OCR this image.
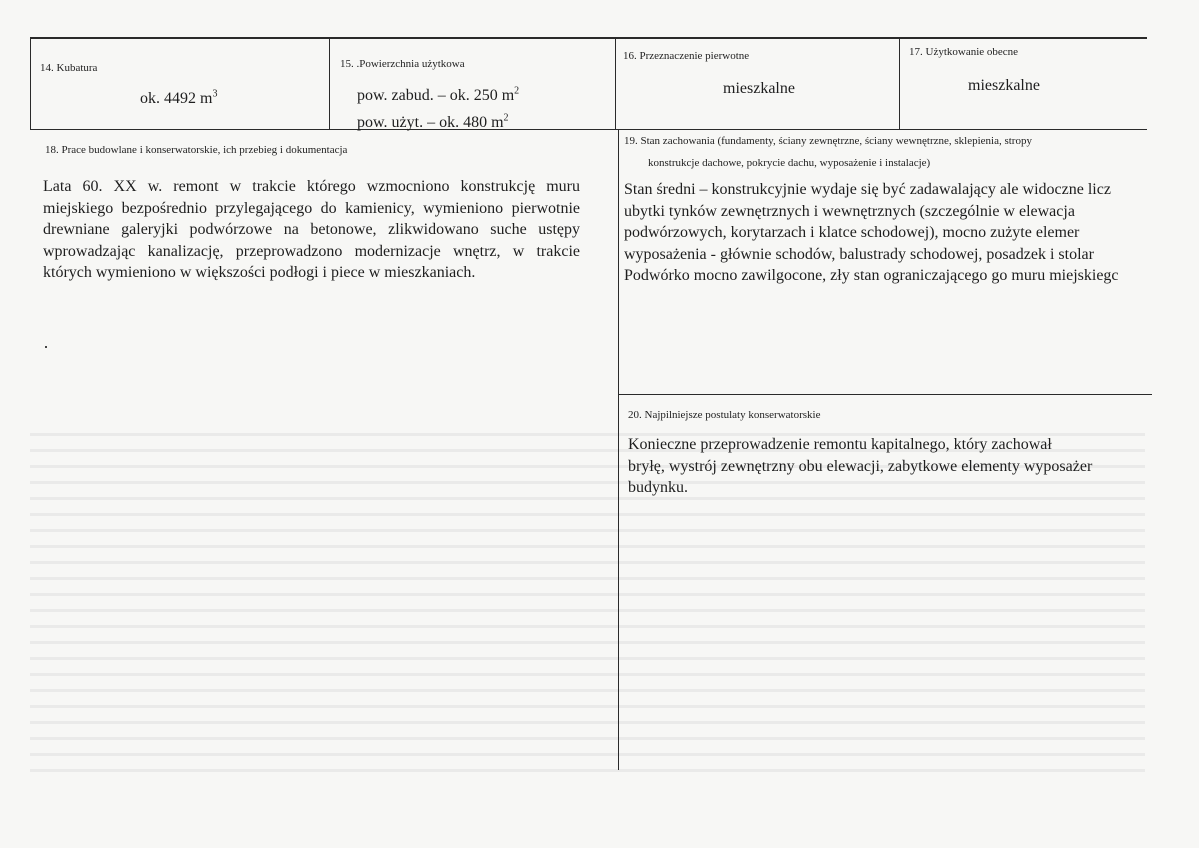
14. Kubatura
ok. 4492 $m^3$
15. .Powierzchnia użytkowa
pow. zabud. – ok. 250 $m^2$
pow. użyt. – ok. 480 $m^2$
16. Przeznaczenie pierwotne
mieszkalne
17. Użytkowanie obecne
mieszkalne
18. Prace budowlane i konserwatorskie, ich przebieg i dokumentacja
Lata 60. XX w. remont w trakcie którego wzmocniono konstrukcję muru miejskiego bezpośrednio przylegającego do kamienicy, wymieniono pierwotnie drewniane galeryjki podwórzowe na betonowe, zlikwidowano suche ustępy wprowadzając kanalizację, przeprowadzono modernizacje wnętrz, w trakcie których wymieniono w większości podłogi i piece w mieszkaniach.
19. Stan zachowania (fundamenty, ściany zewnętrzne, ściany wewnętrzne, sklepienia, stropy
konstrukcje dachowe, pokrycie dachu, wyposażenie i instalacje)
Stan średni – konstrukcyjnie wydaje się być zadawalający ale widoczne licz
ubytki tynków zewnętrznych i wewnętrznych (szczególnie w elewacja
podwórzowych, korytarzach i klatce schodowej), mocno zużyte elemer
wyposażenia - głównie schodów, balustrady schodowej, posadzek i stolar
Podwórko mocno zawilgocone, zły stan ograniczającego go muru miejskiegc
20. Najpilniejsze postulaty konserwatorskie
Konieczne przeprowadzenie remontu kapitalnego, który zachował
bryłę, wystrój zewnętrzny obu elewacji, zabytkowe elementy wyposażer
budynku.
